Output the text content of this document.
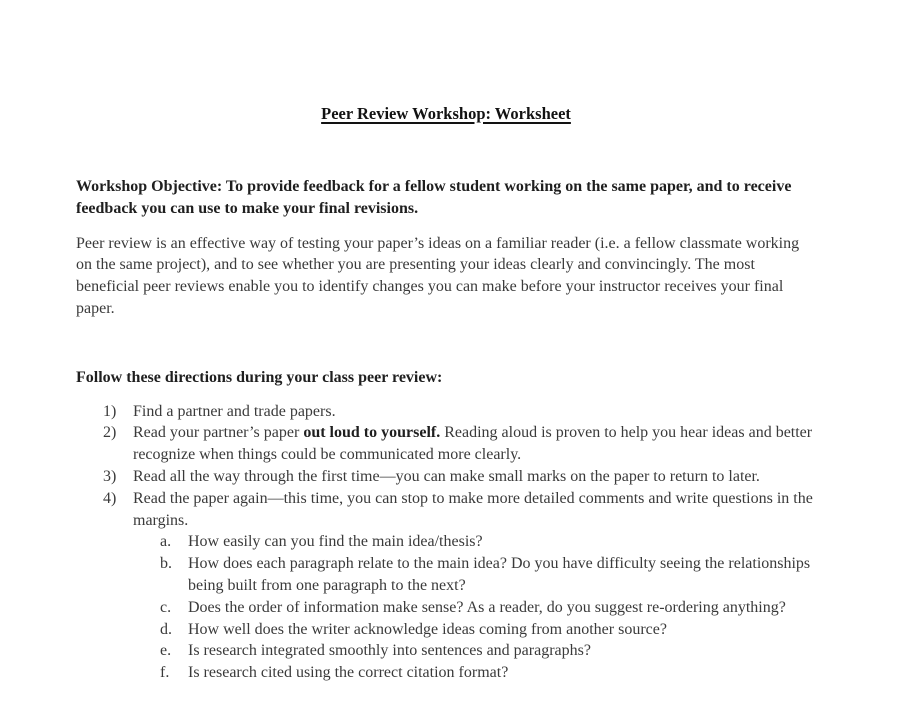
Peer Review Workshop: Worksheet

Workshop Objective: To provide feedback for a fellow student working on the same paper, and to receive feedback you can use to make your final revisions.

Peer review is an effective way of testing your paper’s ideas on a familiar reader (i.e. a fellow classmate working on the same project), and to see whether you are presenting your ideas clearly and convincingly. The most beneficial peer reviews enable you to identify changes you can make before your instructor receives your final paper.

Follow these directions during your class peer review:

1)	Find a partner and trade papers.
2)	Read your partner’s paper out loud to yourself. Reading aloud is proven to help you hear ideas and better recognize when things could be communicated more clearly.
3)	Read all the way through the first time—you can make small marks on the paper to return to later.
4)	Read the paper again—this time, you can stop to make more detailed comments and write questions in the margins.
a.	How easily can you find the main idea/thesis?
b.	How does each paragraph relate to the main idea? Do you have difficulty seeing the relationships being built from one paragraph to the next?
c.	Does the order of information make sense? As a reader, do you suggest re-ordering anything?
d.	How well does the writer acknowledge ideas coming from another source?
e.	Is research integrated smoothly into sentences and paragraphs?
f.	Is research cited using the correct citation format?
